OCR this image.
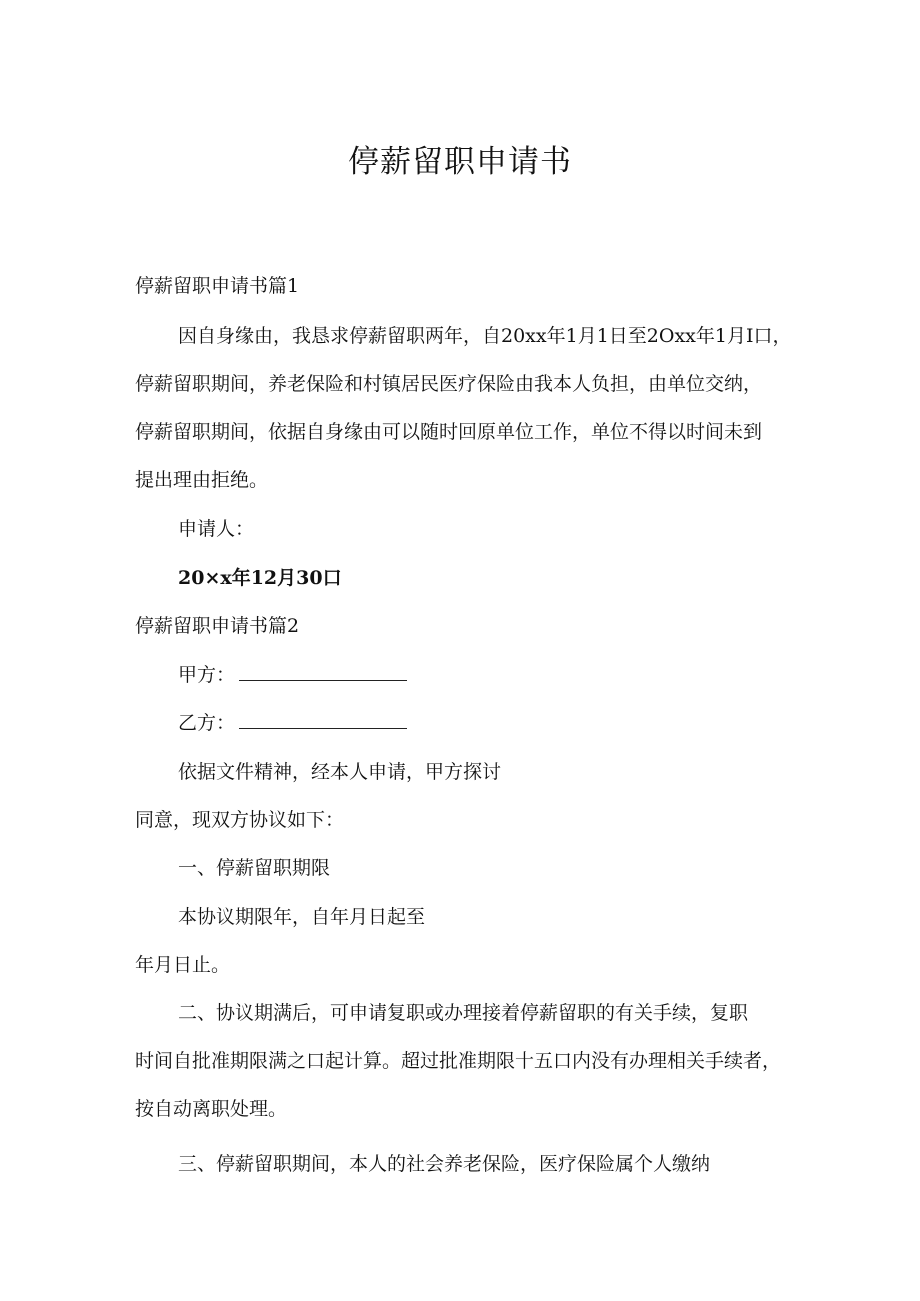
停薪留职申请书
停薪留职申请书篇1
因自身缘由，我恳求停薪留职两年，自20xx年1月1日至2Oxx年1月I口，
停薪留职期间，养老保险和村镇居民医疗保险由我本人负担，由单位交纳，
停薪留职期间，依据自身缘由可以随时回原单位工作，单位不得以时间未到
提出理由拒绝。
申请人：
20×x年12月30口
停薪留职申请书篇2
甲方：
乙方：
依据文件精神，经本人申请，甲方探讨
同意，现双方协议如下：
一、停薪留职期限
本协议期限年，自年月日起至
年月日止。
二、协议期满后，可申请复职或办理接着停薪留职的有关手续，复职
时间自批准期限满之口起计算。超过批准期限十五口内没有办理相关手续者，
按自动离职处理。
三、停薪留职期间，本人的社会养老保险，医疗保险属个人缴纳
